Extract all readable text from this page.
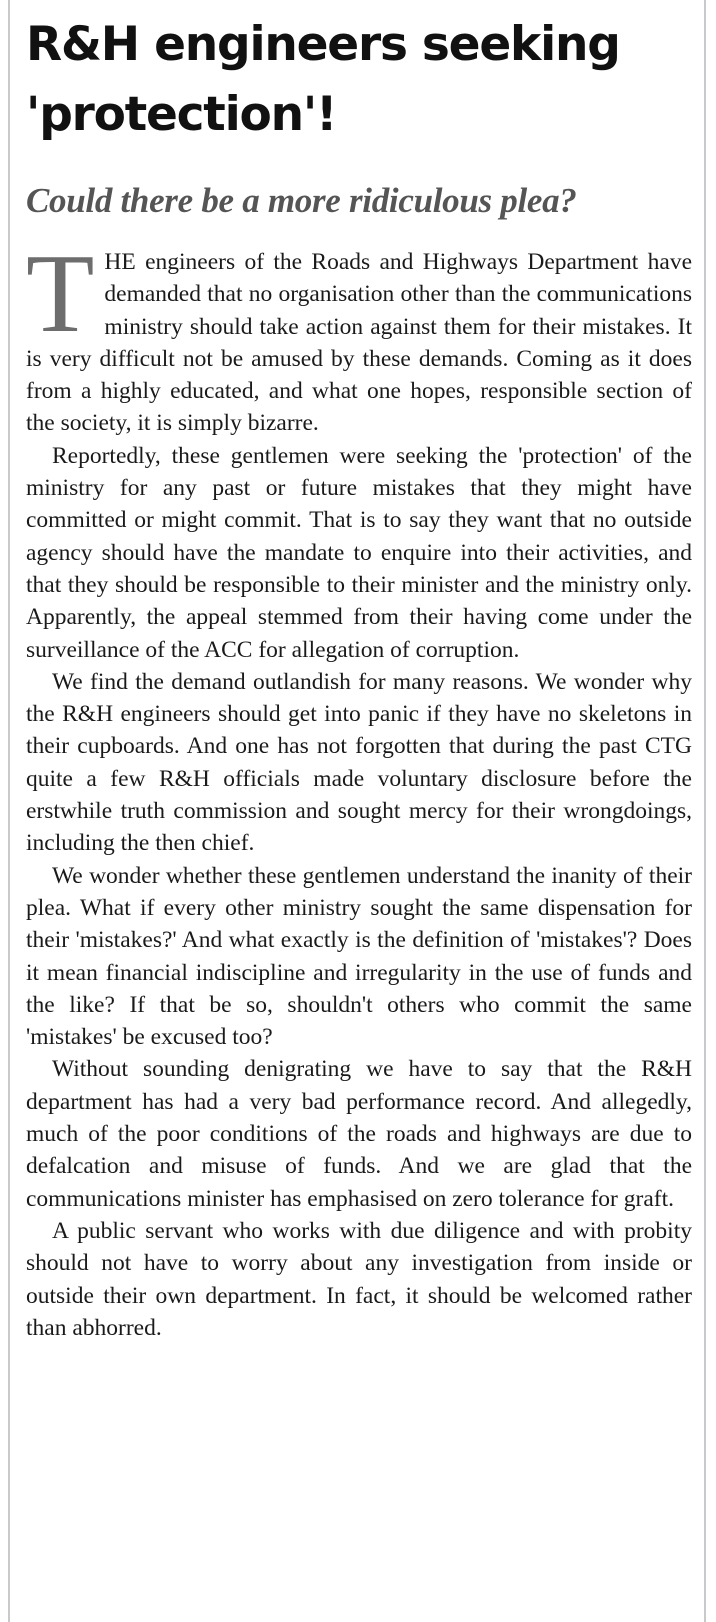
R&H engineers seeking 'protection'!
Could there be a more ridiculous plea?

THE engineers of the Roads and Highways Department have demanded that no organisation other than the communications ministry should take action against them for their mistakes. It is very difficult not be amused by these demands. Coming as it does from a highly educated, and what one hopes, responsible section of the society, it is simply bizarre.

Reportedly, these gentlemen were seeking the 'protection' of the ministry for any past or future mistakes that they might have committed or might commit. That is to say they want that no outside agency should have the mandate to enquire into their activities, and that they should be responsible to their minister and the ministry only. Apparently, the appeal stemmed from their having come under the surveillance of the ACC for allegation of corruption.

We find the demand outlandish for many reasons. We wonder why the R&H engineers should get into panic if they have no skeletons in their cupboards. And one has not forgotten that during the past CTG quite a few R&H officials made voluntary disclosure before the erstwhile truth commission and sought mercy for their wrongdoings, including the then chief.

We wonder whether these gentlemen understand the inanity of their plea. What if every other ministry sought the same dispensation for their 'mistakes?' And what exactly is the definition of 'mistakes'? Does it mean financial indiscipline and irregularity in the use of funds and the like? If that be so, shouldn't others who commit the same 'mistakes' be excused too?

Without sounding denigrating we have to say that the R&H department has had a very bad performance record. And allegedly, much of the poor conditions of the roads and highways are due to defalcation and misuse of funds. And we are glad that the communications minister has emphasised on zero tolerance for graft.

A public servant who works with due diligence and with probity should not have to worry about any investigation from inside or outside their own department. In fact, it should be welcomed rather than abhorred.
